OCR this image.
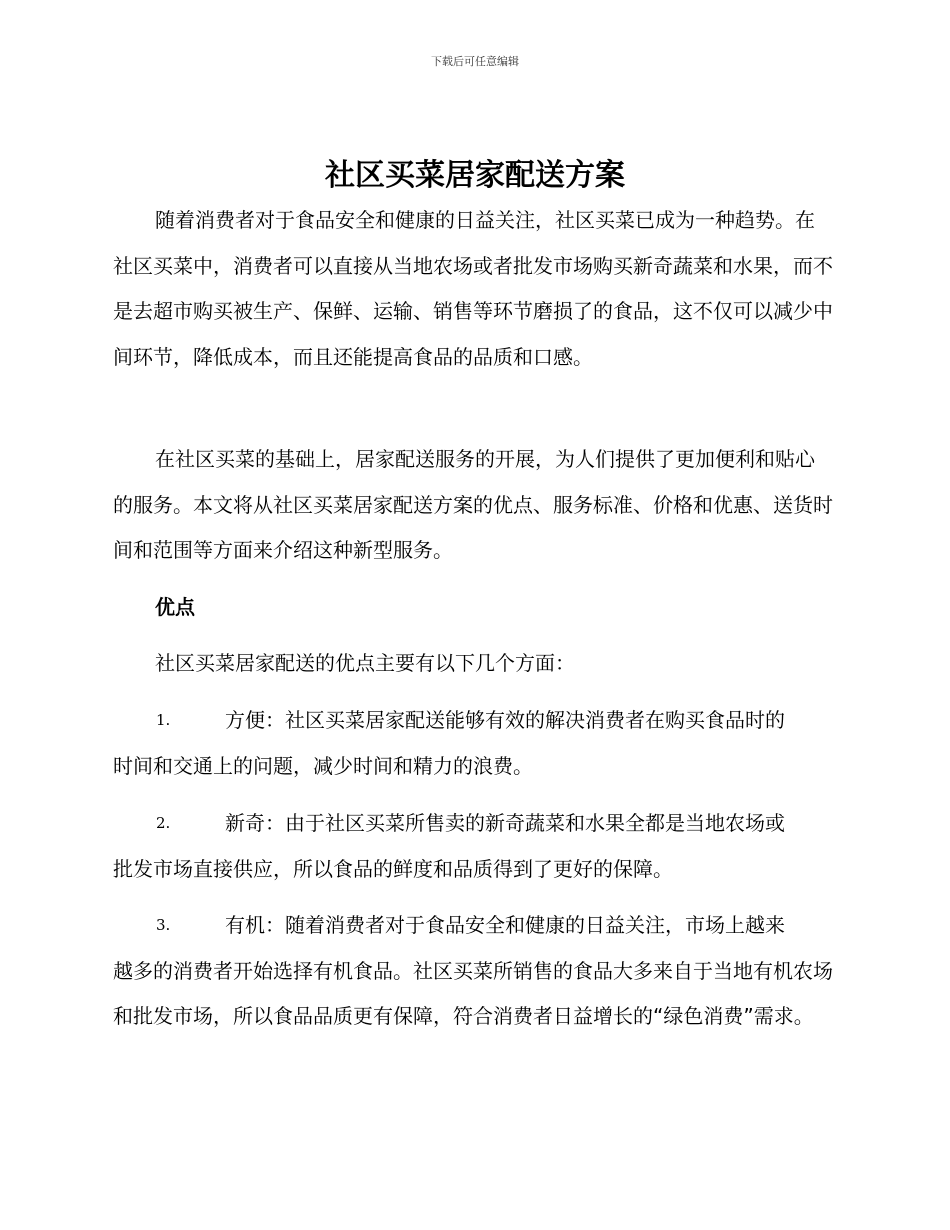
下载后可任意编辑
社区买菜居家配送方案

随着消费者对于食品安全和健康的日益关注，社区买菜已成为一种趋势。在社区买菜中，消费者可以直接从当地农场或者批发市场购买新奇蔬菜和水果，而不是去超市购买被生产、保鲜、运输、销售等环节磨损了的食品，这不仅可以减少中间环节，降低成本，而且还能提高食品的品质和口感。

在社区买菜的基础上，居家配送服务的开展，为人们提供了更加便利和贴心的服务。本文将从社区买菜居家配送方案的优点、服务标准、价格和优惠、送货时间和范围等方面来介绍这种新型服务。

优点

社区买菜居家配送的优点主要有以下几个方面：

1.	方便：社区买菜居家配送能够有效的解决消费者在购买食品时的
时间和交通上的问题，减少时间和精力的浪费。
2.	新奇：由于社区买菜所售卖的新奇蔬菜和水果全都是当地农场或
批发市场直接供应，所以食品的鲜度和品质得到了更好的保障。
3.	有机：随着消费者对于食品安全和健康的日益关注，市场上越来
越多的消费者开始选择有机食品。社区买菜所销售的食品大多来自于当地有机农场和批发市场，所以食品品质更有保障，符合消费者日益增长的“绿色消费”需求。
